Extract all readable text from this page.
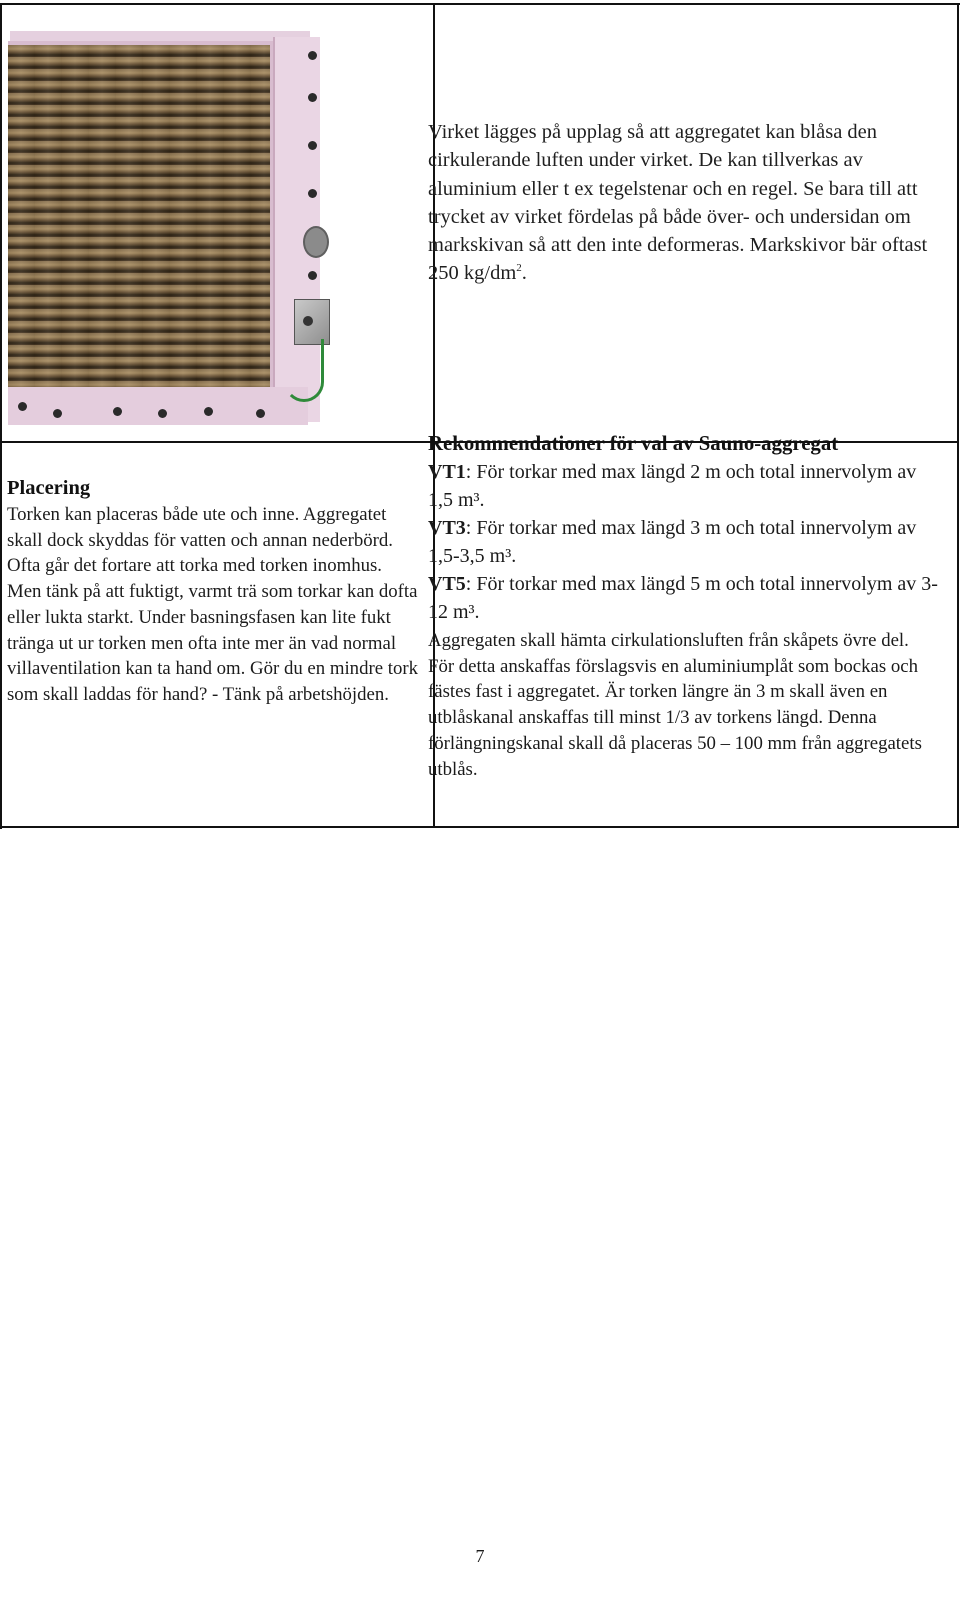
Virket lägges på upplag så att aggregatet kan blåsa den cirkulerande luften under virket. De kan tillverkas av aluminium eller t ex tegelstenar och en regel. Se bara till att trycket av virket fördelas på både över- och undersidan om markskivan så att den inte deformeras. Markskivor bär oftast 250 $kg/dm^2$.

Placering
Torken kan placeras både ute och inne. Aggregatet skall dock skyddas för vatten och annan nederbörd. Ofta går det fortare att torka med torken inomhus. Men tänk på att fuktigt, varmt trä som torkar kan dofta eller lukta starkt. Under basningsfasen kan lite fukt tränga ut ur torken men ofta inte mer än vad normal villaventilation kan ta hand om. Gör du en mindre tork som skall laddas för hand? - Tänk på arbetshöjden.
Rekommendationer för val av Sauno-aggregat
VT1: För torkar med max längd 2 m och total innervolym av 1,5 m³.
VT3: För torkar med max längd 3 m och total innervolym av 1,5-3,5 m³.
VT5: För torkar med max längd 5 m och total innervolym av 3-12 m³.
Aggregaten skall hämta cirkulationsluften från skåpets övre del. För detta anskaffas förslagsvis en aluminiumplåt som bockas och fästes fast i aggregatet. Är torken längre än 3 m skall även en utblåskanal anskaffas till minst 1/3 av torkens längd. Denna förlängningskanal skall då placeras 50 – 100 mm från aggregatets utblås.
7
